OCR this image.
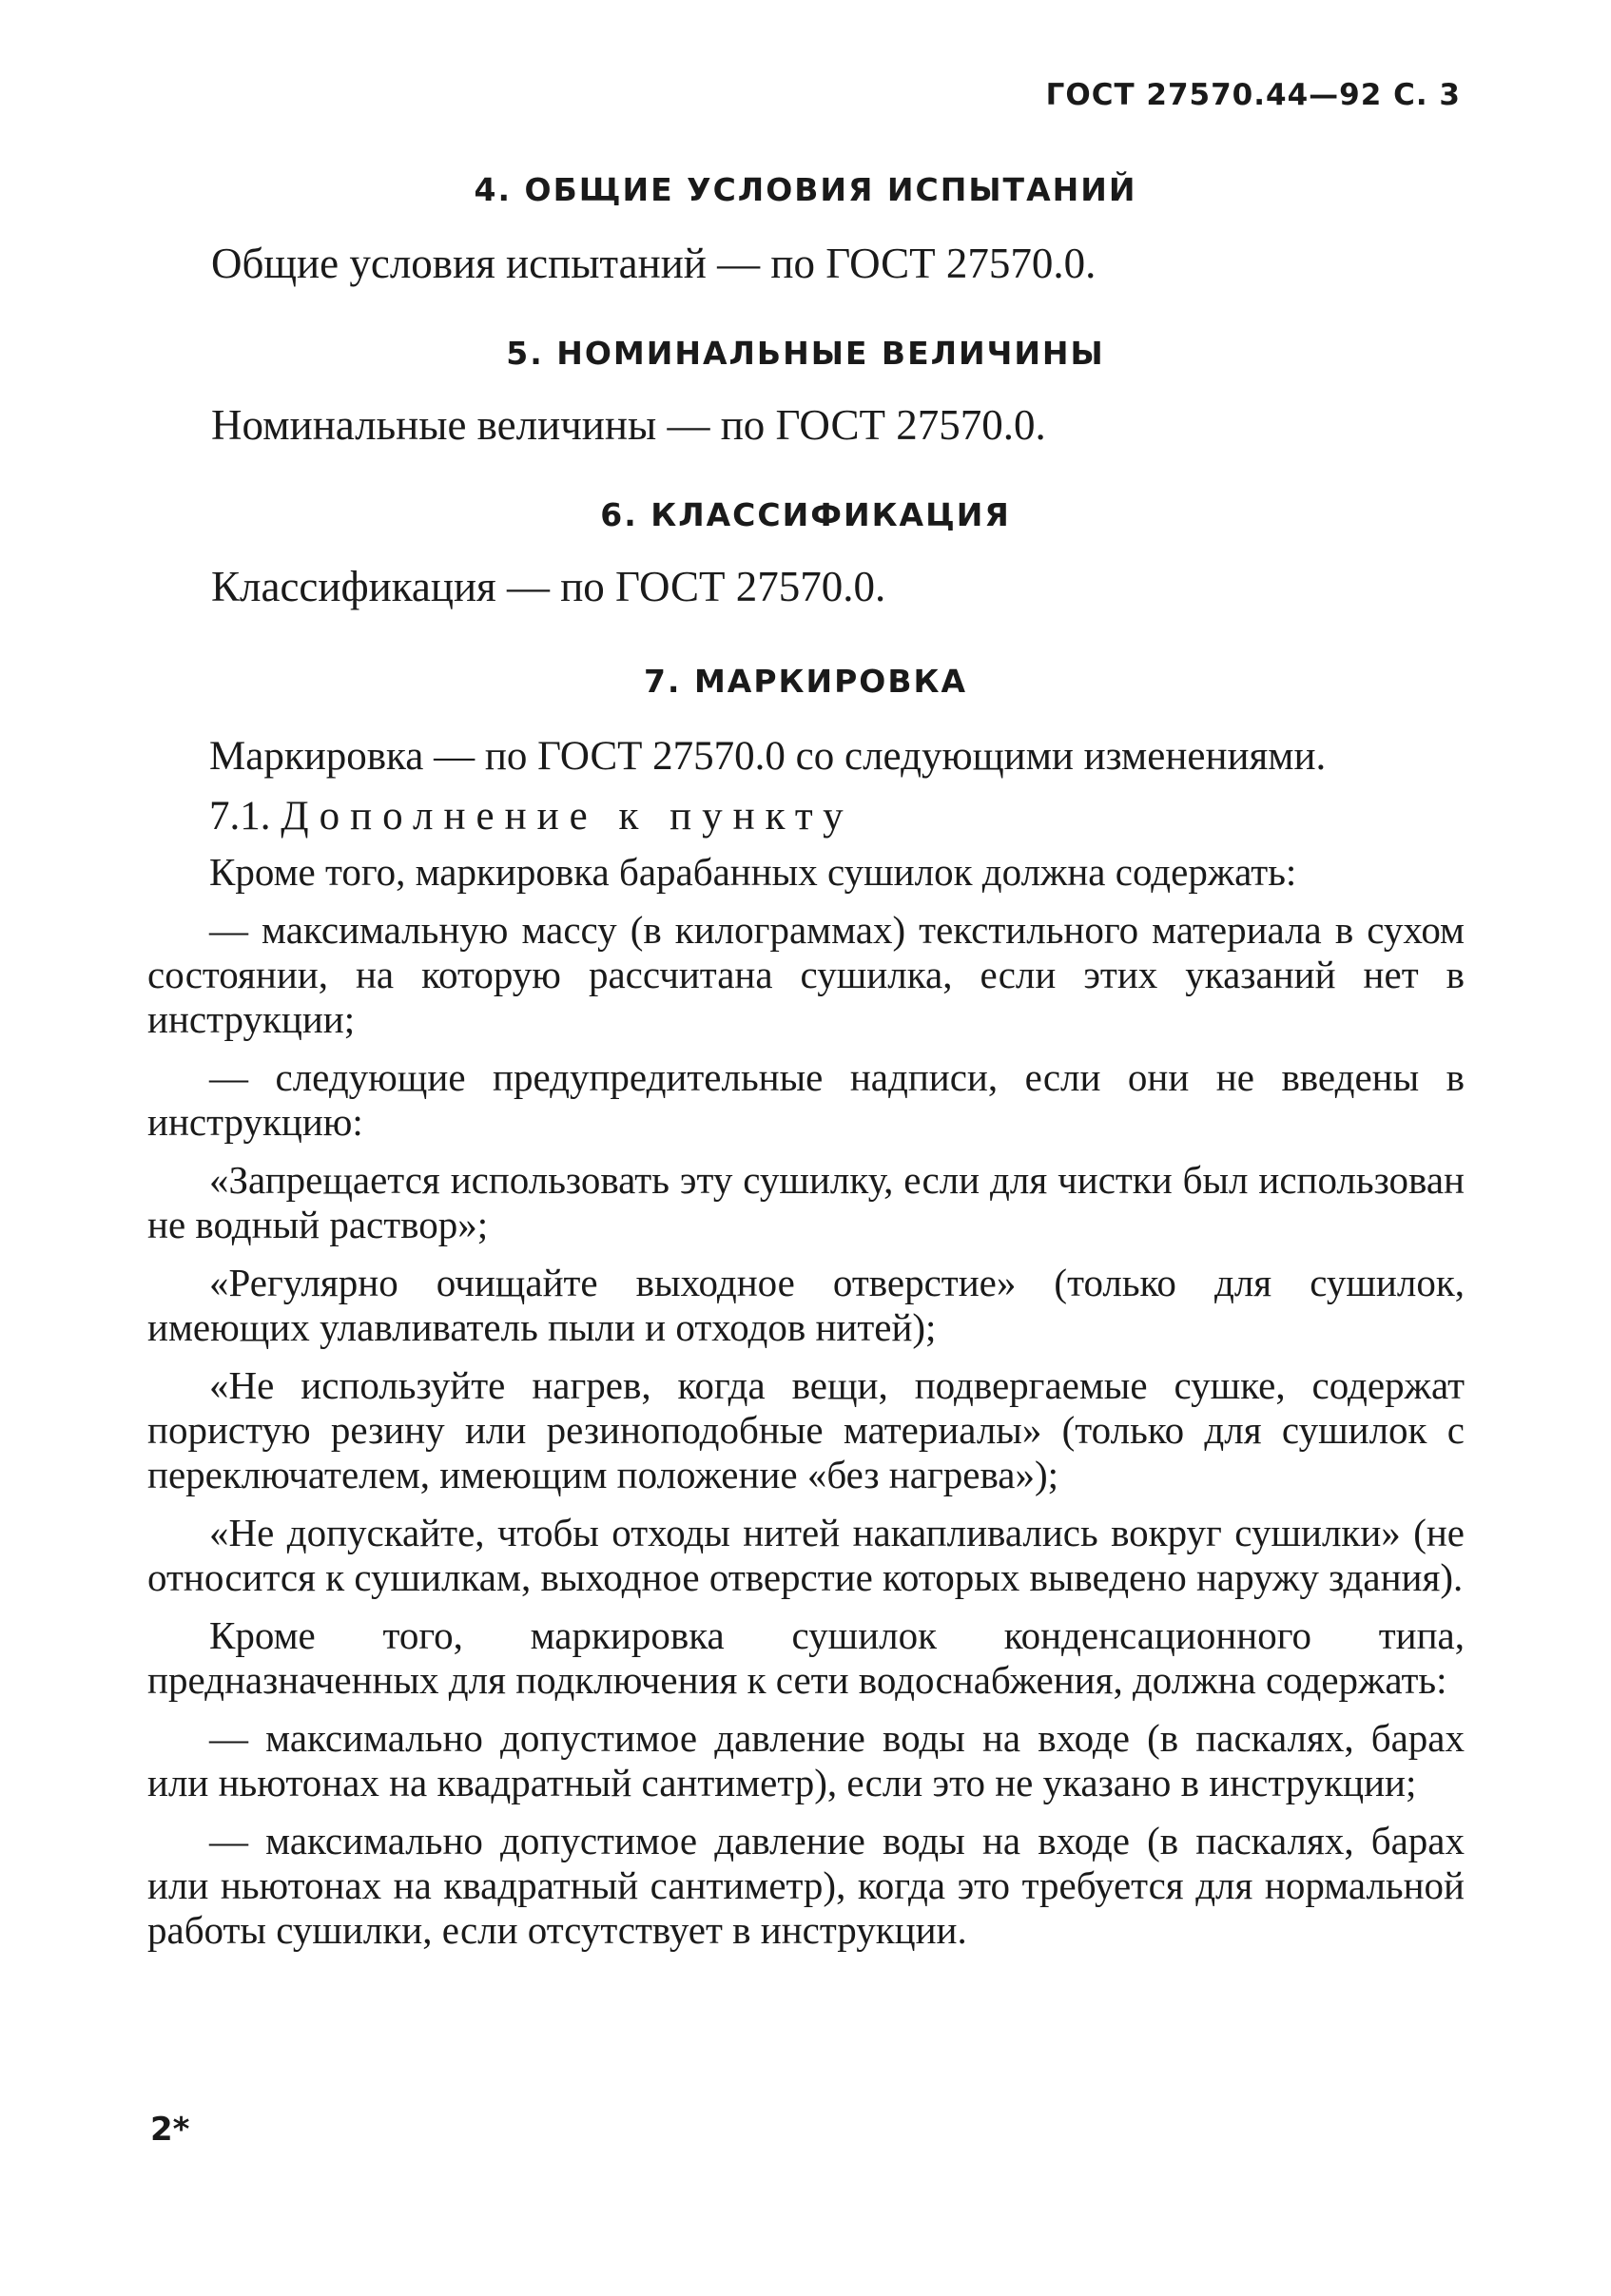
ГОСТ 27570.44—92 С. 3
4. ОБЩИЕ УСЛОВИЯ ИСПЫТАНИЙ
Общие условия испытаний — по ГОСТ 27570.0.
5. НОМИНАЛЬНЫЕ ВЕЛИЧИНЫ
Номинальные величины — по ГОСТ 27570.0.
6. КЛАССИФИКАЦИЯ
Классификация — по ГОСТ 27570.0.
7. МАРКИРОВКА

Маркировка — по ГОСТ 27570.0 со следующими изменениями.

7.1. Дополнение к пункту

Кроме того, маркировка барабанных сушилок должна содержать:

— максимальную массу (в килограммах) текстильного материала в сухом состоянии, на которую рассчитана сушилка, если этих указаний нет в инструкции;

— следующие предупредительные надписи, если они не введены в инструкцию:

«Запрещается использовать эту сушилку, если для чистки был использован не водный раствор»;

«Регулярно очищайте выходное отверстие» (только для сушилок, имеющих улавливатель пыли и отходов нитей);

«Не используйте нагрев, когда вещи, подвергаемые сушке, содержат пористую резину или резиноподобные материалы» (только для сушилок с переключателем, имеющим положение «без нагрева»);

«Не допускайте, чтобы отходы нитей накапливались вокруг сушилки» (не относится к сушилкам, выходное отверстие которых выведено наружу здания).

Кроме того, маркировка сушилок конденсационного типа, предназначенных для подключения к сети водоснабжения, должна содержать:

— максимально допустимое давление воды на входе (в паскалях, барах или ньютонах на квадратный сантиметр), если это не указано в инструкции;

— максимально допустимое давление воды на входе (в паскалях, барах или ньютонах на квадратный сантиметр), когда это требуется для нормальной работы сушилки, если отсутствует в инструкции.

2*
